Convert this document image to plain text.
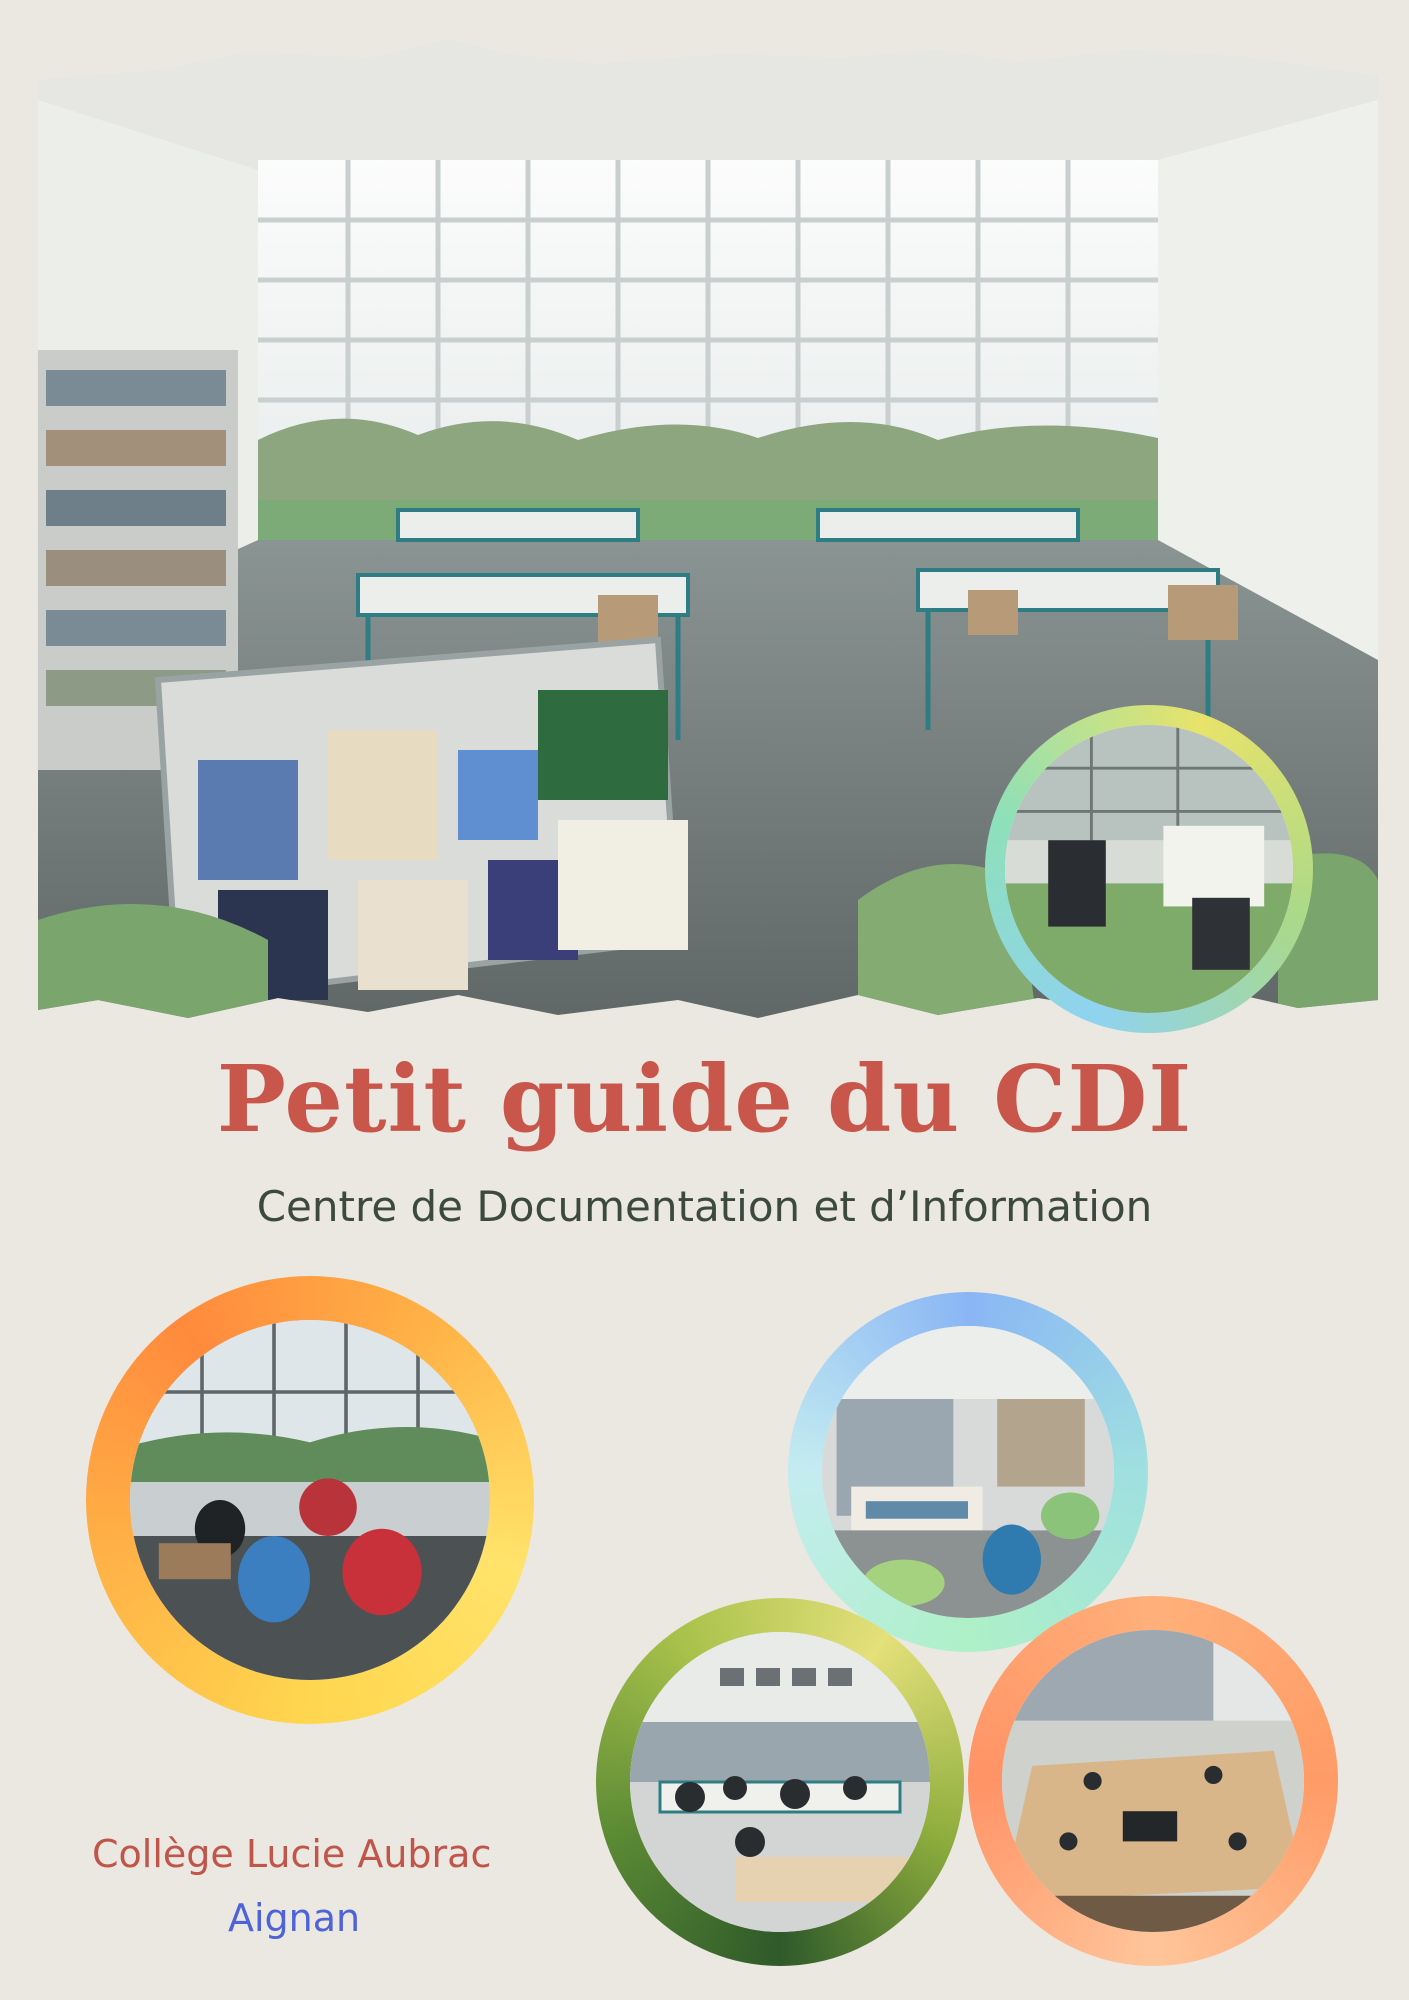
Petit guide du CDI

Centre de Documentation et d’Information

Collège Lucie Aubrac
Aignan
